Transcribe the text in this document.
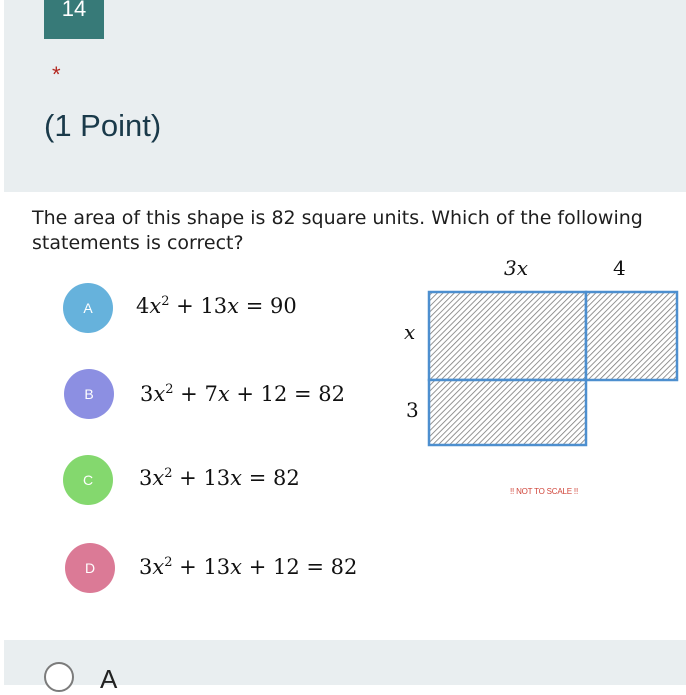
14
*
(1 Point)
The area of this shape is 82 square units. Which of the following statements is correct?
A	$4x^2 + 13x = 90$
B	$3x^2 + 7x + 12 = 82$
C	$3x^2 + 13x = 82$
D	$3x^2 + 13x + 12 = 82$
3x	4
x
3
!! NOT TO SCALE !!
A
